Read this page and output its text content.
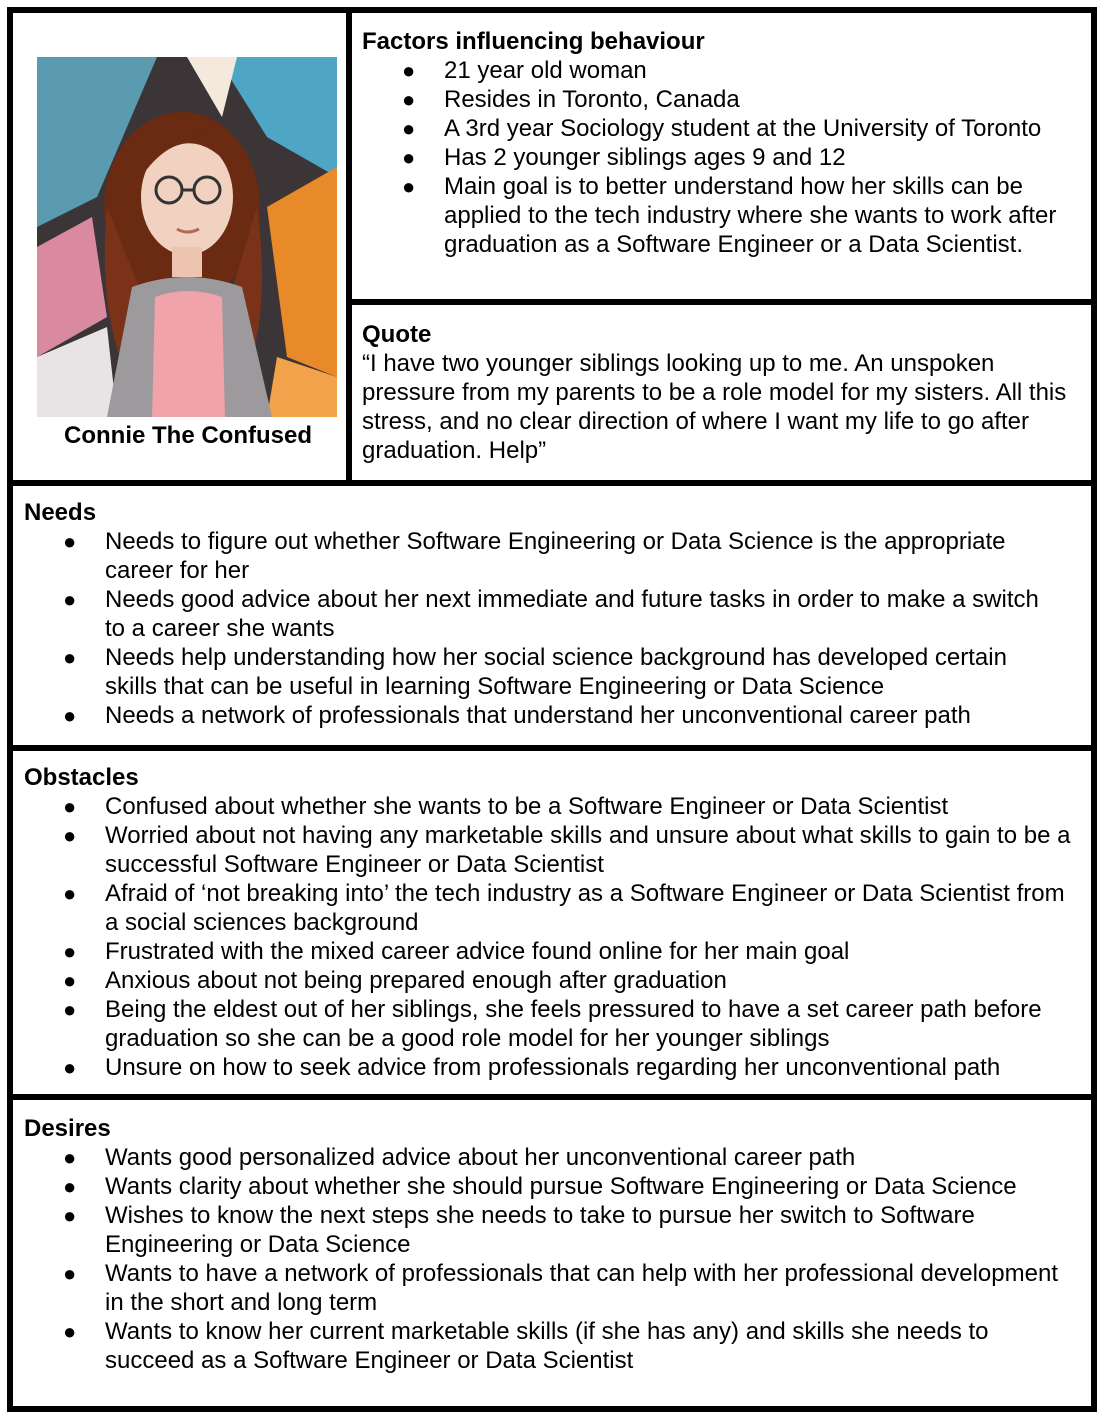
Connie The Confused

Factors influencing behaviour

● 21 year old woman
● Resides in Toronto, Canada
● A 3rd year Sociology student at the University of Toronto
● Has 2 younger siblings ages 9 and 12
● Main goal is to better understand how her skills can be applied to the tech industry where she wants to work after graduation as a Software Engineer or a Data Scientist.

Quote

“I have two younger siblings looking up to me. An unspoken pressure from my parents to be a role model for my sisters. All this stress, and no clear direction of where I want my life to go after graduation. Help”

Needs

● Needs to figure out whether Software Engineering or Data Science is the appropriate career for her
● Needs good advice about her next immediate and future tasks in order to make a switch to a career she wants
● Needs help understanding how her social science background has developed certain skills that can be useful in learning Software Engineering or Data Science
● Needs a network of professionals that understand her unconventional career path

Obstacles

● Confused about whether she wants to be a Software Engineer or Data Scientist
● Worried about not having any marketable skills and unsure about what skills to gain to be a successful Software Engineer or Data Scientist
● Afraid of ‘not breaking into’ the tech industry as a Software Engineer or Data Scientist from a social sciences background
● Frustrated with the mixed career advice found online for her main goal
● Anxious about not being prepared enough after graduation
● Being the eldest out of her siblings, she feels pressured to have a set career path before graduation so she can be a good role model for her younger siblings
● Unsure on how to seek advice from professionals regarding her unconventional path

Desires

● Wants good personalized advice about her unconventional career path
● Wants clarity about whether she should pursue Software Engineering or Data Science
● Wishes to know the next steps she needs to take to pursue her switch to Software Engineering or Data Science
● Wants to have a network of professionals that can help with her professional development in the short and long term
● Wants to know her current marketable skills (if she has any) and skills she needs to succeed as a Software Engineer or Data Scientist
